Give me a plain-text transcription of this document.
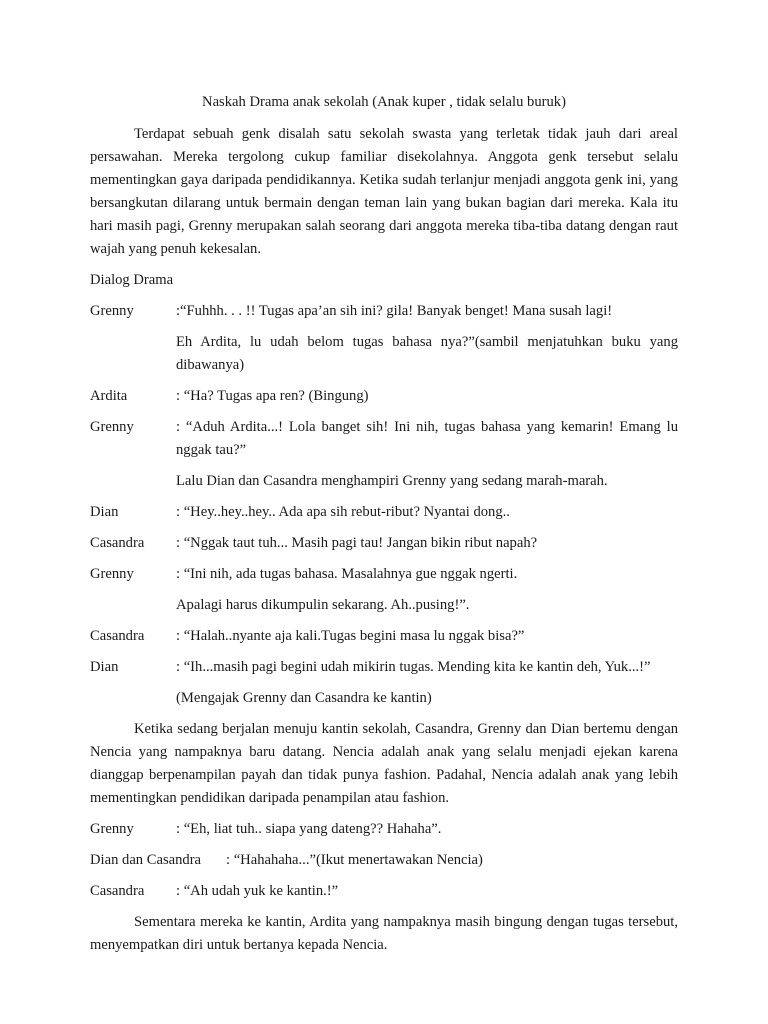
Naskah Drama anak sekolah (Anak kuper , tidak selalu buruk)

Terdapat sebuah genk disalah satu sekolah swasta yang terletak tidak jauh dari areal persawahan. Mereka tergolong cukup familiar disekolahnya. Anggota genk tersebut selalu mementingkan gaya daripada pendidikannya. Ketika sudah terlanjur menjadi anggota genk ini, yang bersangkutan dilarang untuk bermain dengan teman lain yang bukan bagian dari mereka. Kala itu hari masih pagi, Grenny merupakan salah seorang dari anggota mereka tiba-tiba datang dengan raut wajah yang penuh kekesalan.

Dialog Drama
Grenny	:“Fuhhh. . . !! Tugas apa’an sih ini? gila! Banyak benget! Mana susah lagi!
Eh Ardita, lu udah belom tugas bahasa nya?”(sambil menjatuhkan buku yang dibawanya)
Ardita	: “Ha? Tugas apa ren? (Bingung)
Grenny	: “Aduh Ardita...! Lola banget sih! Ini nih, tugas bahasa yang kemarin! Emang lu nggak tau?”
Lalu Dian dan Casandra menghampiri Grenny yang sedang marah-marah.
Dian	: “Hey..hey..hey.. Ada apa sih rebut-ribut? Nyantai dong..
Casandra	: “Nggak taut tuh... Masih pagi tau! Jangan bikin ribut napah?
Grenny	: “Ini nih, ada tugas bahasa. Masalahnya gue nggak ngerti.
Apalagi harus dikumpulin sekarang. Ah..pusing!”.
Casandra	: “Halah..nyante aja kali.Tugas begini masa lu nggak bisa?”
Dian	: “Ih...masih pagi begini udah mikirin tugas. Mending kita ke kantin deh, Yuk...!”
(Mengajak Grenny dan Casandra ke kantin)

Ketika sedang berjalan menuju kantin sekolah, Casandra, Grenny dan Dian bertemu dengan Nencia yang nampaknya baru datang. Nencia adalah anak yang selalu menjadi ejekan karena dianggap berpenampilan payah dan tidak punya fashion. Padahal, Nencia adalah anak yang lebih mementingkan pendidikan daripada penampilan atau fashion.

Grenny	: “Eh, liat tuh.. siapa yang dateng?? Hahaha”.
Dian dan Casandra	: “Hahahaha...”(Ikut menertawakan Nencia)
Casandra	: “Ah udah yuk ke kantin.!”

Sementara mereka ke kantin, Ardita yang nampaknya masih bingung dengan tugas tersebut, menyempatkan diri untuk bertanya kepada Nencia.
